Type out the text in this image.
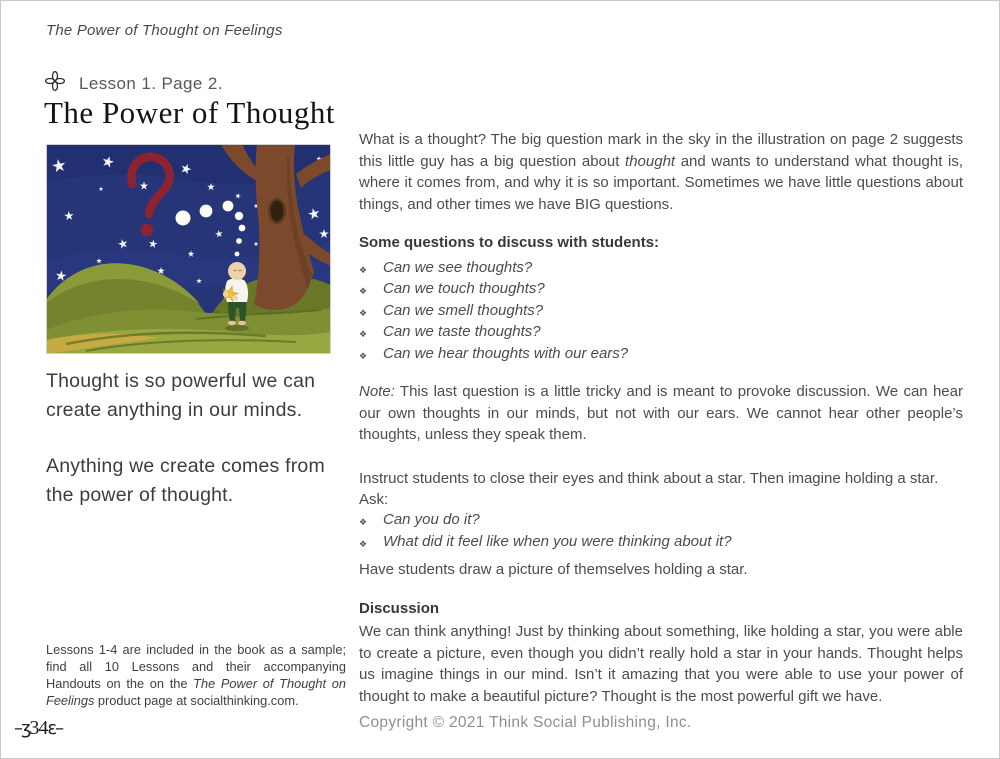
The Power of Thought on Feelings
Lesson 1. Page 2.
The Power of Thought
Thought is so powerful we can create anything in our minds.
Anything we create comes from the power of thought.
Lessons 1-4 are included in the book as a sample; find all 10 Lessons and their accompanying Handouts on the on the The Power of Thought on Feelings product page at socialthinking.com.
–ʒ34ɛ–

What is a thought? The big question mark in the sky in the illustration on page 2 suggests this little guy has a big question about thought and wants to understand what thought is, where it comes from, and why it is so important. Sometimes we have little questions about things, and other times we have BIG questions.

Some questions to discuss with students:
❖	Can we see thoughts?
❖	Can we touch thoughts?
❖	Can we smell thoughts?
❖	Can we taste thoughts?
❖	Can we hear thoughts with our ears?

Note: This last question is a little tricky and is meant to provoke discussion. We can hear our own thoughts in our minds, but not with our ears. We cannot hear other people’s thoughts, unless they speak them.

Instruct students to close their eyes and think about a star. Then imagine holding a star. Ask:

❖	Can you do it?
❖	What did it feel like when you were thinking about it?

Have students draw a picture of themselves holding a star.

Discussion

We can think anything! Just by thinking about something, like holding a star, you were able to create a picture, even though you didn’t really hold a star in your hands. Thought helps us imagine things in our mind. Isn’t it amazing that you were able to use your power of thought to make a beautiful picture? Thought is the most powerful gift we have.

Copyright © 2021 Think Social Publishing, Inc.
